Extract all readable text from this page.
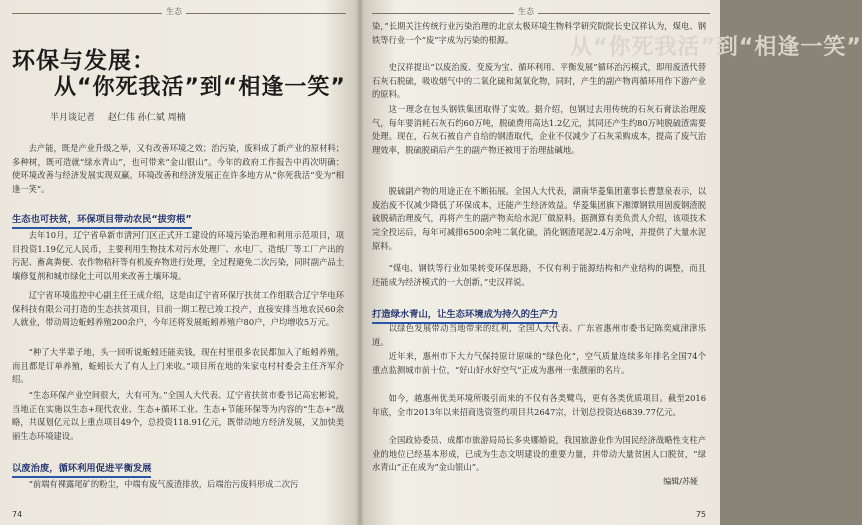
生态
环保与发展：
从“你死我活”到“相逢一笑”
半月谈记者 赵仁伟 孙仁斌 周楠

去产能，既是产业升级之举，又有改善环境之效；治污染，废料成了新产业的原材料；多种树，既可造就“绿水青山”，也可带来“金山银山”。今年的政府工作报告中再次明确：使环境改善与经济发展实现双赢。环境改善和经济发展正在许多地方从“你死我活”变为“相逢一笑”。

生态也可扶贫，环保项目带动农民“拔穷根”

去年10月，辽宁省阜新市清河门区正式开工建设的环境污染治理和利用示范项目，项目投资1.19亿元人民币，主要利用生物技术对污水处理厂、水电厂、造纸厂等工厂产出的污泥、畜禽粪便、农作物秸秆等有机废弃物进行处理，全过程避免二次污染，同时副产品土壤修复剂和城市绿化土可以用来改善土壤环境。

辽宁省环境监控中心副主任王成介绍，这是由辽宁省环保厅扶贫工作组联合辽宁华电环保科技有限公司打造的生态扶贫项目，目前一期工程已竣工投产，直接安排当地农民60余人就业，带动周边蚯蚓养殖200余户，今年还将发展蚯蚓养殖户80户，户均增收5万元。

“种了大半辈子地，头一回听说蚯蚓还能卖钱，现在村里很多农民都加入了蚯蚓养殖，而且都是订单养殖，蚯蚓长大了有人上门来收。”项目所在地的朱家屯村村委会主任齐军介绍。

“生态环保产业空间很大，大有可为。”全国人大代表、辽宁省扶贫市委书记高宏彬说，当地正在实施以生态+现代农业、生态+循环工业、生态+节能环保等为内容的“生态+”战略，共谋划亿元以上重点项目49个，总投资118.91亿元，既带动地方经济发展，又加快美丽生态环境建设。

以废治废，循环利用促进平衡发展

“前端有裸露尾矿的粉尘，中端有废气废渣排放，后端治污废料形成二次污

74
生态
从“你死我活”到“相逢一笑”

染，”长期关注传统行业污染治理的北京太极环境生物科学研究院院长史汉祥认为，煤电、钢铁等行业一个“废”字成为污染的根源。

史汉祥提出“以废治废、变废为宝、循环利用、平衡发展”循环治污模式，即用废渣代替石灰石脱硫，吸收烟气中的二氧化硫和氮氧化物，同时，产生的副产物再循环用作下游产业的原料。

这一理念在包头钢铁集团取得了实效。据介绍，包钢过去用传统的石灰石膏法治理废气，每年要消耗石灰石约60万吨，脱硫费用高达1.2亿元，其同还产生约80万吨脱硫渣需要处理。现在，石灰石被自产自给的钢渣取代，企业不仅减少了石灰采购成本，提高了废气治理效率，脱硫脱硝后产生的副产物还被用于治理盐碱地。

脱硫副产物的用途正在不断拓展。全国人大代表，湖南华菱集团董事长曹慧泉表示，以废治废不仅减少降低了环保成本，还能产生经济效益。华菱集团旗下湘潭钢铁用固废钢渣脱硫脱硝治理废气，再将产生的副产物卖给水泥厂做原料。据测算有美负责人介绍，该项技术完全投运后，每年可减排6500余吨二氧化硫，消化钢渣尾泥2.4万余吨，并提供了大量水泥原料。

“煤电、钢铁等行业如果转变环保思路，不仅有利于能源结构和产业结构的调整，而且还能成为经济模式的一大创新，”史汉祥说。

打造绿水青山，让生态环境成为持久的生产力

以绿色发展带动当地带来的红利，全国人大代表、广东省惠州市委书记陈奕威津津乐道。

近年来，惠州市下大力气保持原计原味的“绿色化”，空气质量连续多年排名全国74个重点监测城市前十位，“好山好水好空气”正成为惠州一张靓丽的名片。

如今，越惠州优美环境所吸引而来的不仅有各类鹭鸟，更有各类优质项目。截至2016年底，全市2013年以来招商选资签约项目共2647宗，计划总投资达6839.77亿元。

全国政协委员、成都市旅游局局长多央娜婚说，我国旅游业作为国民经济战略性支柱产业的地位已经基本形成，已成为生态文明建设的重要力量，并带动大量贫困人口脱贫，“绿水青山”正在成为“金山银山”。

编辑/苏娅
75
